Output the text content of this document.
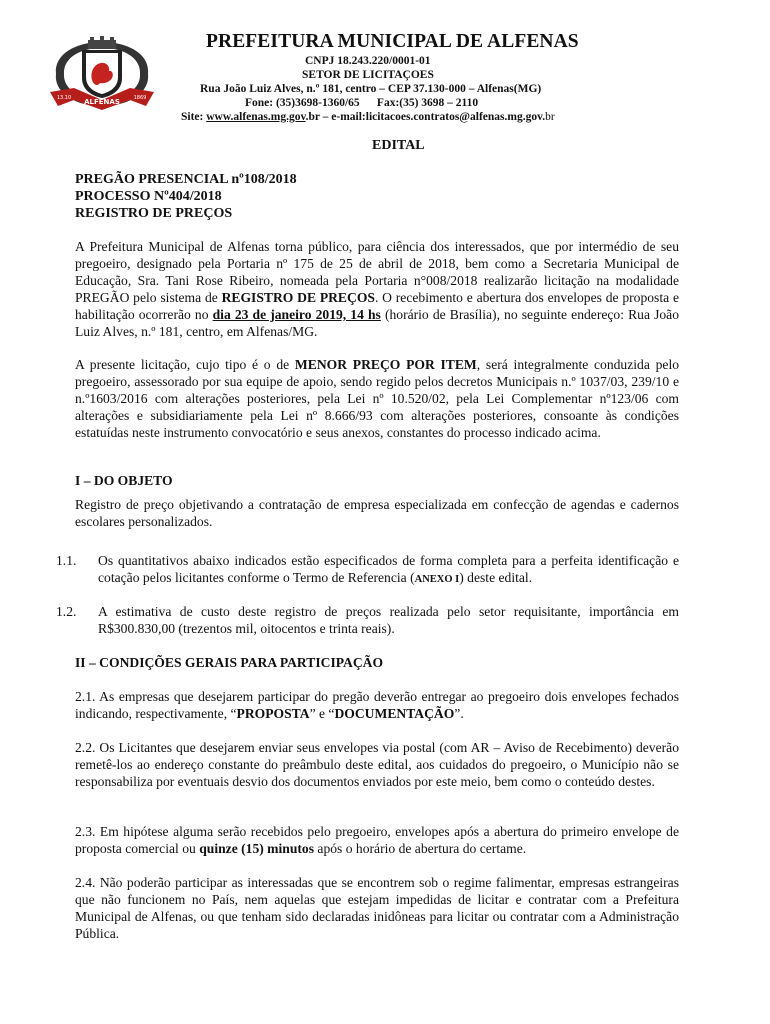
ALFENAS
13.10	1869
PREFEITURA MUNICIPAL DE ALFENAS
CNPJ 18.243.220/0001-01
SETOR DE LICITAÇOES
Rua João Luiz Alves, n.º 181, centro – CEP 37.130-000 – Alfenas(MG)
Fone: (35)3698-1360/65      Fax:(35) 3698 – 2110
Site: www.alfenas.mg.gov.br – e-mail:licitacoes.contratos@alfenas.mg.gov.br
EDITAL
PREGÃO PRESENCIAL nº108/2018
PROCESSO Nº404/2018
REGISTRO DE PREÇOS
A Prefeitura Municipal de Alfenas torna público, para ciência dos interessados, que por intermédio de seu pregoeiro, designado pela Portaria nº 175 de 25 de abril de 2018, bem como a Secretaria Municipal de Educação, Sra. Tani Rose Ribeiro, nomeada pela Portaria n°008/2018 realizarão licitação na modalidade PREGÃO pelo sistema de REGISTRO DE PREÇOS. O recebimento e abertura dos envelopes de proposta e habilitação ocorrerão no dia 23 de janeiro 2019, 14 hs (horário de Brasília), no seguinte endereço: Rua João Luiz Alves, n.º 181, centro, em Alfenas/MG.
A presente licitação, cujo tipo é o de MENOR PREÇO POR ITEM, será integralmente conduzida pelo pregoeiro, assessorado por sua equipe de apoio, sendo regido pelos decretos Municipais n.º 1037/03, 239/10 e n.º1603/2016 com alterações posteriores, pela Lei nº 10.520/02, pela Lei Complementar nº123/06 com alterações e subsidiariamente pela Lei nº 8.666/93 com alterações posteriores, consoante às condições estatuídas neste instrumento convocatório e seus anexos, constantes do processo indicado acima.
I – DO OBJETO
Registro de preço objetivando a contratação de empresa especializada em confecção de agendas e cadernos escolares personalizados.
1.1. Os quantitativos abaixo indicados estão especificados de forma completa para a perfeita identificação e cotação pelos licitantes conforme o Termo de Referencia (ANEXO I) deste edital.
1.2. A estimativa de custo deste registro de preços realizada pelo setor requisitante, importância em R$300.830,00 (trezentos mil, oitocentos e trinta reais).
II – CONDIÇÕES GERAIS PARA PARTICIPAÇÃO
2.1. As empresas que desejarem participar do pregão deverão entregar ao pregoeiro dois envelopes fechados indicando, respectivamente, “PROPOSTA” e “DOCUMENTAÇÃO”.
2.2. Os Licitantes que desejarem enviar seus envelopes via postal (com AR – Aviso de Recebimento) deverão remetê-los ao endereço constante do preâmbulo deste edital, aos cuidados do pregoeiro, o Município não se responsabiliza por eventuais desvio dos documentos enviados por este meio, bem como o conteúdo destes.
2.3. Em hipótese alguma serão recebidos pelo pregoeiro, envelopes após a abertura do primeiro envelope de proposta comercial ou quinze (15) minutos após o horário de abertura do certame.
2.4. Não poderão participar as interessadas que se encontrem sob o regime falimentar, empresas estrangeiras que não funcionem no País, nem aquelas que estejam impedidas de licitar e contratar com a Prefeitura Municipal de Alfenas, ou que tenham sido declaradas inidôneas para licitar ou contratar com a Administração Pública.
